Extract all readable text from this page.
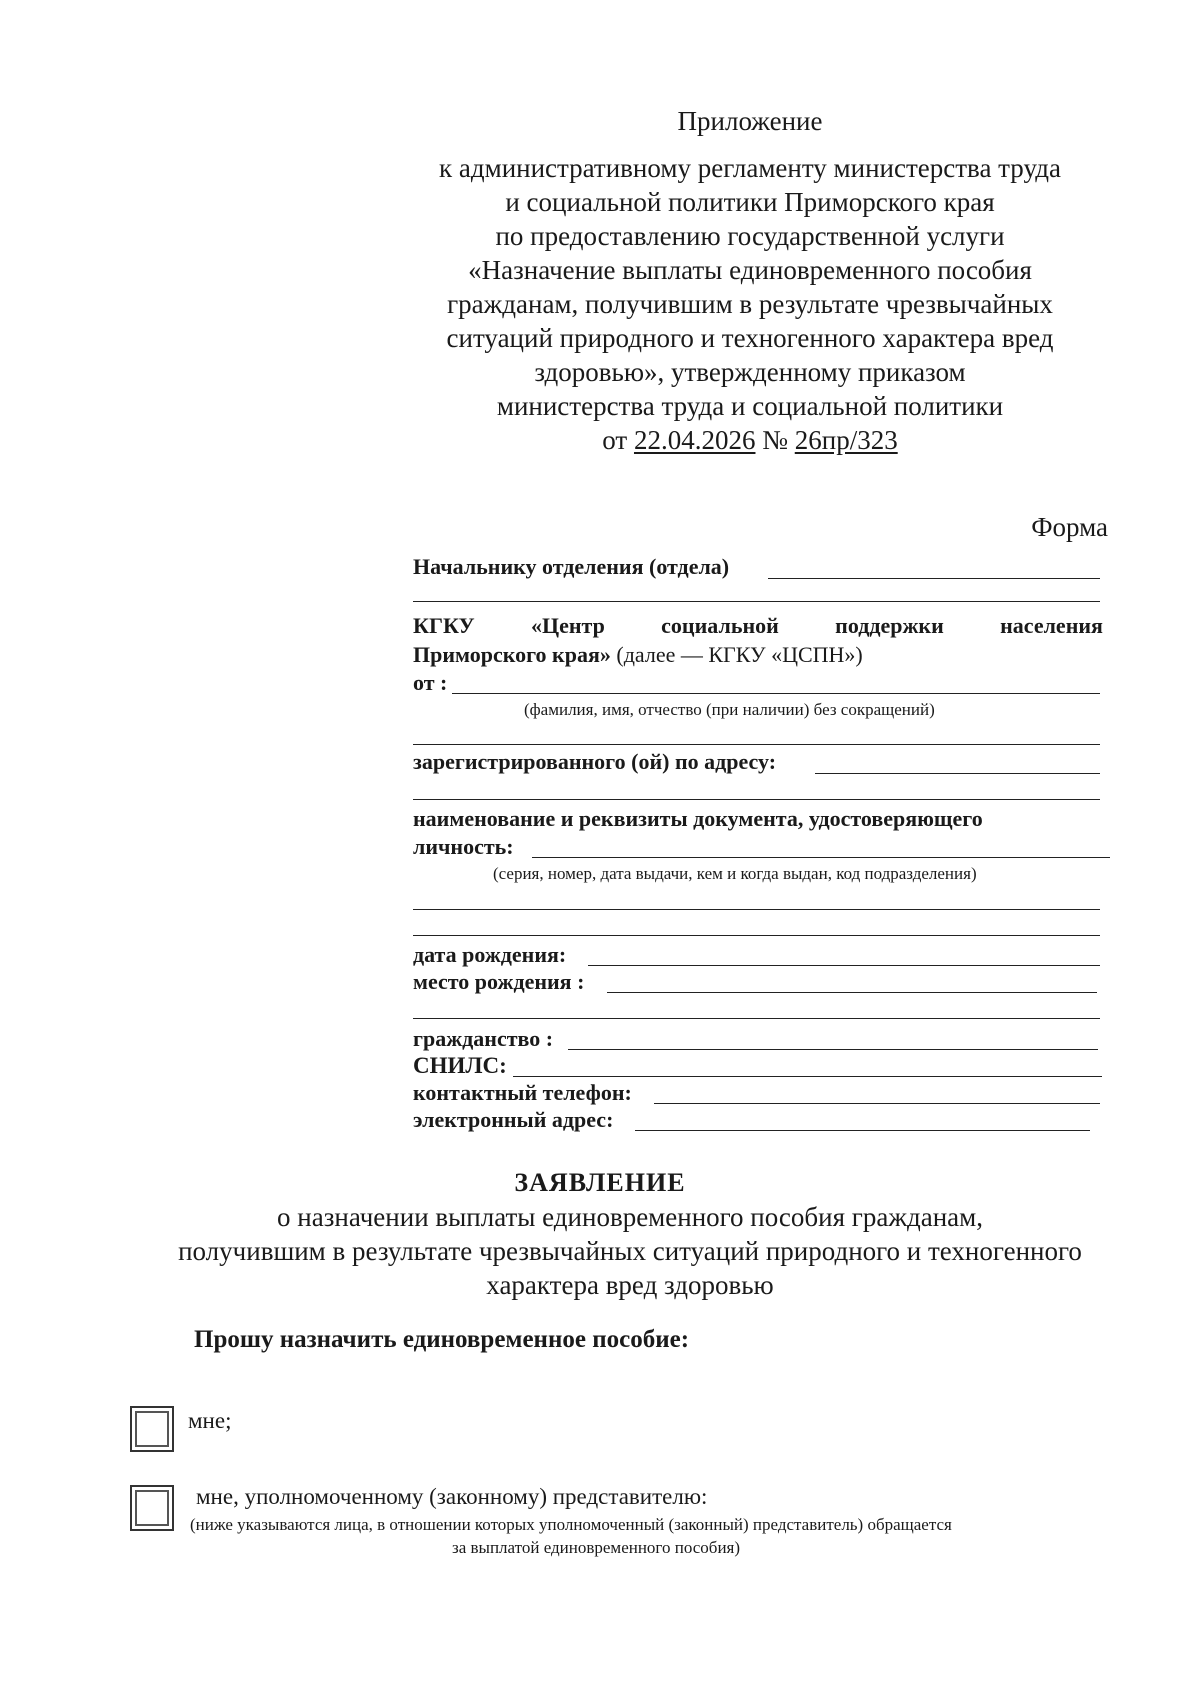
Приложение
к административному регламенту министерства труда
и социальной политики Приморского края
по предоставлению государственной услуги
«Назначение выплаты единовременного пособия
гражданам, получившим в результате чрезвычайных
ситуаций природного и техногенного характера вред
здоровью», утвержденному приказом
министерства труда и социальной политики
от 22.04.2026 № 26пр/323
Форма
Начальнику отделения (отдела)
КГКУ	«Центр	социальной	поддержки	населения
Приморского края» (далее — КГКУ «ЦСПН»)
от :
(фамилия, имя, отчество (при наличии) без сокращений)
зарегистрированного (ой) по адресу:
наименование и реквизиты документа, удостоверяющего
личность:
(серия, номер, дата выдачи, кем и когда выдан, код подразделения)
дата рождения:
место рождения :
гражданство :
СНИЛС:
контактный телефон:
электронный адрес:
ЗАЯВЛЕНИЕ
о назначении выплаты единовременного пособия гражданам,
получившим в результате чрезвычайных ситуаций природного и техногенного
характера вред здоровью
Прошу назначить единовременное пособие:
мне;
мне, уполномоченному (законному) представителю:
(ниже указываются лица, в отношении которых уполномоченный (законный) представитель) обращается
за выплатой единовременного пособия)
